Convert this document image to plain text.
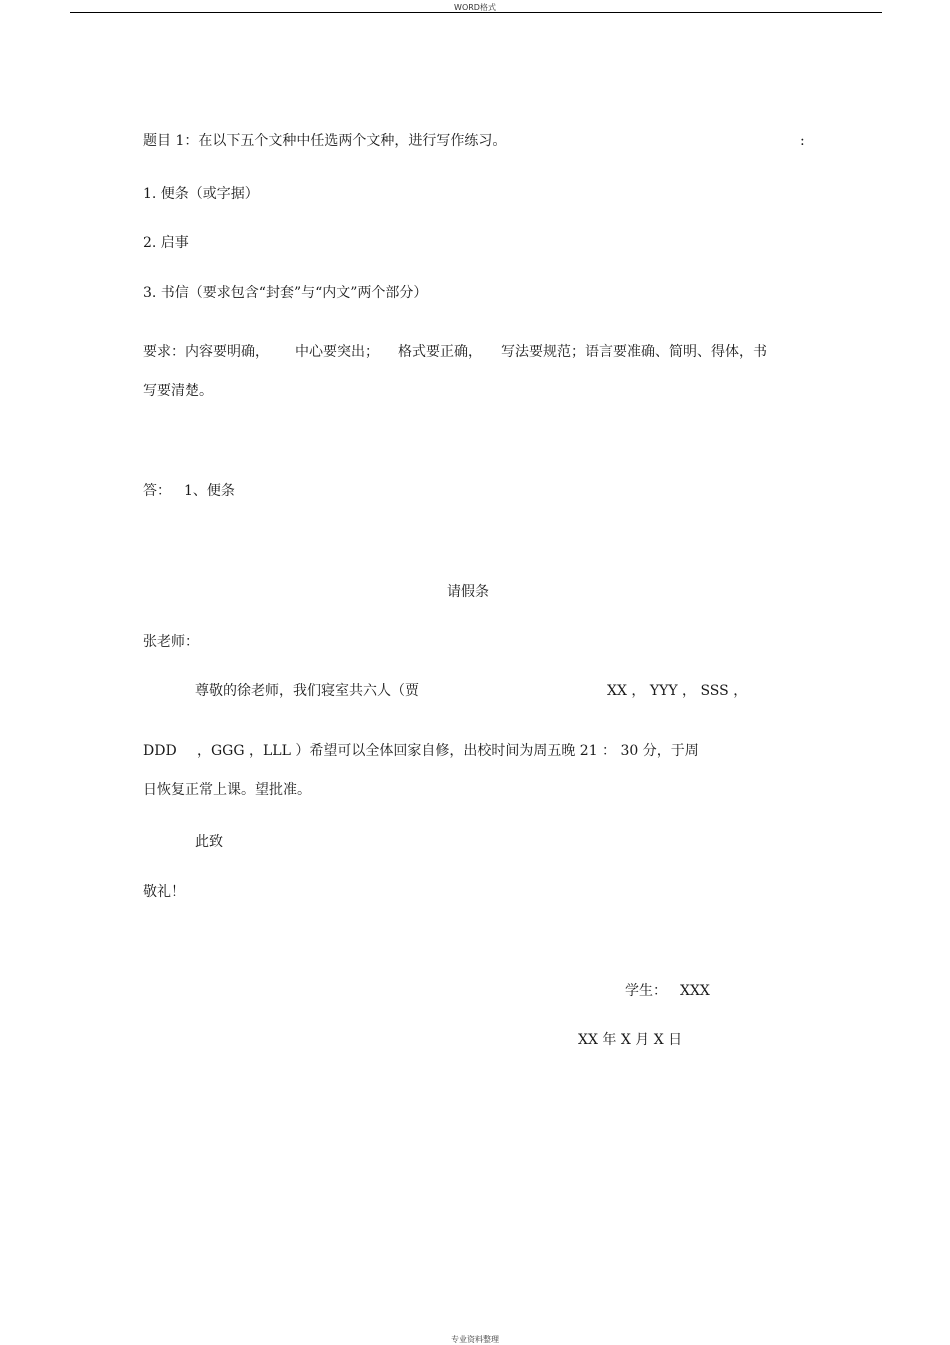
WORD格式
题目 1：在以下五个文种中任选两个文种，进行写作练习。	:
1. 便条（或字据）
2. 启事
3. 书信（要求包含“封套”与“内文”两个部分）
要求：内容要明确， 中心要突出； 格式要正确， 写法要规范；语言要准确、简明、得体，书
写要清楚。
答： 1、便条
请假条
张老师：
尊敬的徐老师，我们寝室共六人（贾	XX ， YYY ， SSS ，
DDD ，GGG ，LLL ）希望可以全体回家自修，出校时间为周五晚 21 ： 30 分，于周
日恢复正常上课。望批准。
此致
敬礼！
学生： XXX
XX 年 X 月 X 日
专业资料整理
